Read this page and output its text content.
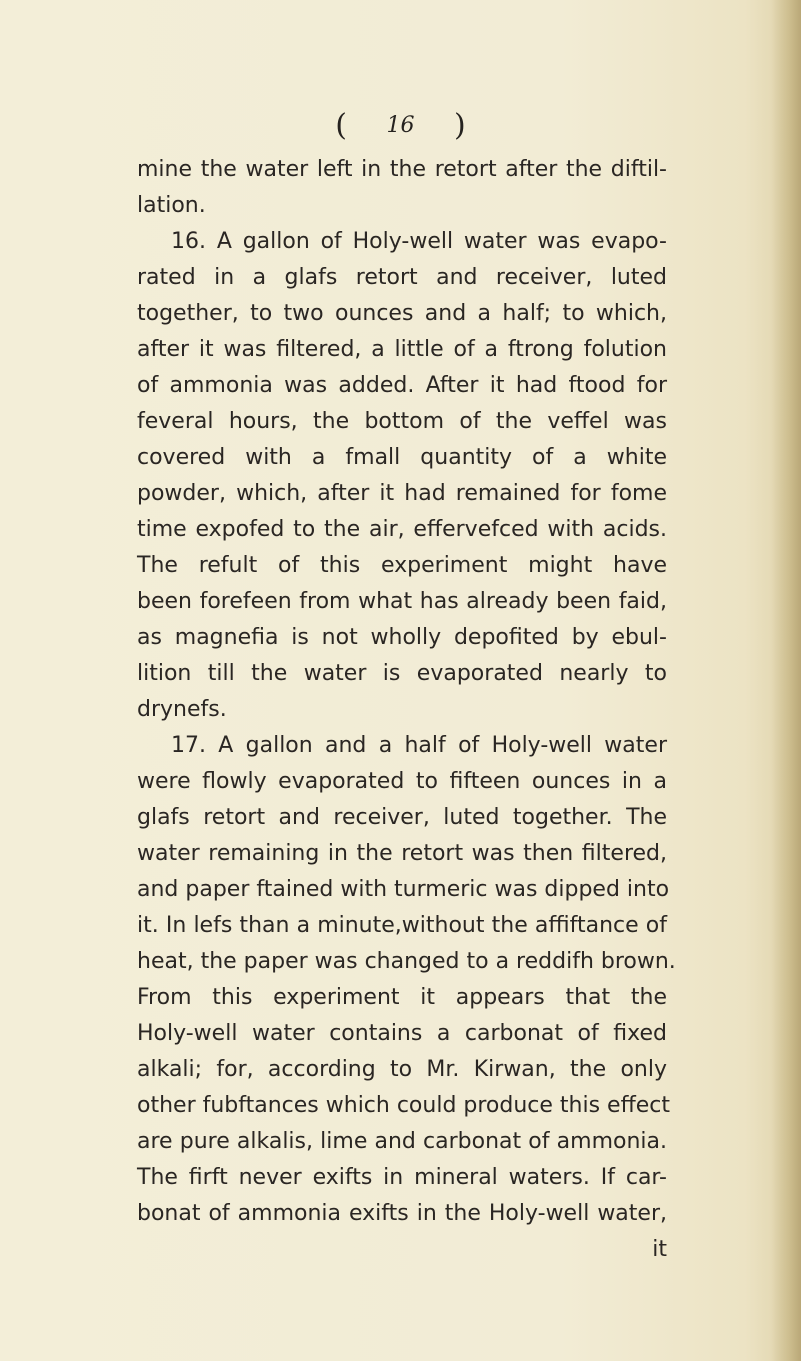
( 16 )
mine the water left in the retort after the diftil-
lation.
16. A gallon of Holy-well water was evapo-
rated in a glafs retort and receiver, luted
together, to two ounces and a half; to which,
after it was filtered, a little of a ftrong folution
of ammonia was added. After it had ftood for
feveral hours, the bottom of the veffel was
covered with a fmall quantity of a white
powder, which, after it had remained for fome
time expofed to the air, effervefced with acids.
The refult of this experiment might have
been forefeen from what has already been faid,
as magnefia is not wholly depofited by ebul-
lition till the water is evaporated nearly to
drynefs.
17. A gallon and a half of Holy-well water
were flowly evaporated to fifteen ounces in a
glafs retort and receiver, luted together. The
water remaining in the retort was then filtered,
and paper ftained with turmeric was dipped into
it. In lefs than a minute,without the affiftance of
heat, the paper was changed to a reddifh brown.
From this experiment it appears that the
Holy-well water contains a carbonat of fixed
alkali; for, according to Mr. Kirwan, the only
other fubftances which could produce this effect
are pure alkalis, lime and carbonat of ammonia.
The firft never exifts in mineral waters. If car-
bonat of ammonia exifts in the Holy-well water,
it
